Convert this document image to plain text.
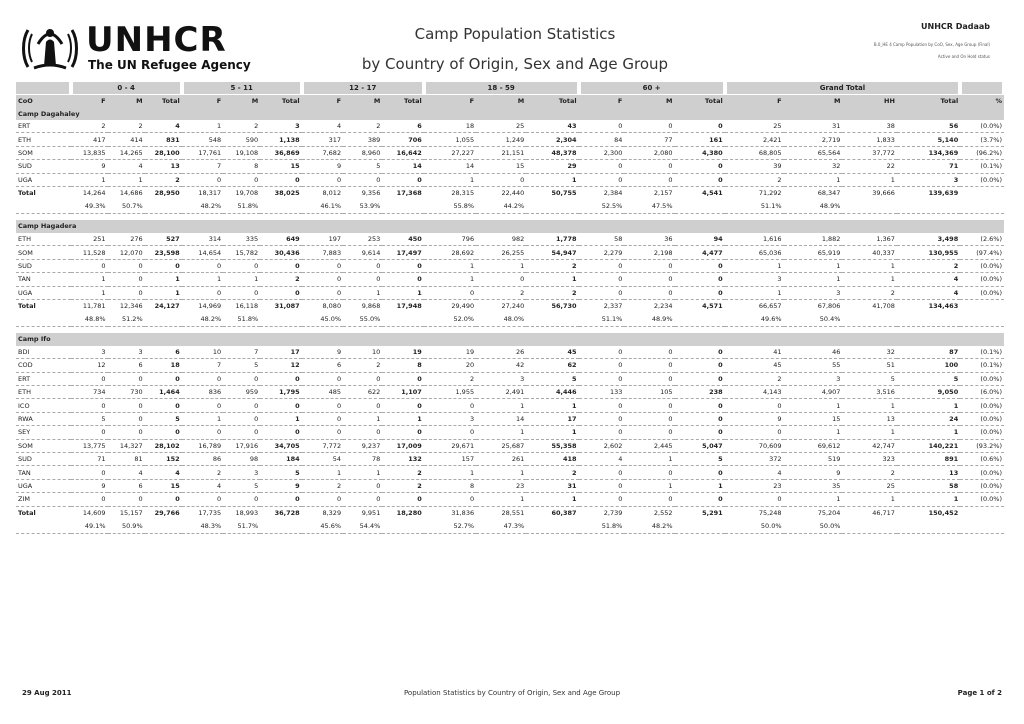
UNHCR
The UN Refugee Agency
Camp Population Statistics
by Country of Origin, Sex and Age Group
UNHCR Dadaab
B.0_HE 4 Camp Population by CoO, Sex, Age Group (Final)
Active and On Hold status
	0 - 4			5 - 11			12 - 17			18 - 59			60 +			Grand Total				
CoO	F	M	Total	F	M	Total	F	M	Total	F	M	Total	F	M	Total	F	M	HH	Total	%
Camp Dagahaley																				
ERT	2	2	4	1	2	3	4	2	6	18	25	43	0	0	0	25	31	38	56	(0.0%)
ETH	417	414	831	548	590	1,138	317	389	706	1,055	1,249	2,304	84	77	161	2,421	2,719	1,833	5,140	(3.7%)
SOM	13,835	14,265	28,100	17,761	19,108	36,869	7,682	8,960	16,642	27,227	21,151	48,378	2,300	2,080	4,380	68,805	65,564	37,772	134,369	(96.2%)
SUD	9	4	13	7	8	15	9	5	14	14	15	29	0	0	0	39	32	22	71	(0.1%)
UGA	1	1	2	0	0	0	0	0	0	1	0	1	0	0	0	2	1	1	3	(0.0%)
Total	14,264	14,686	28,950	18,317	19,708	38,025	8,012	9,356	17,368	28,315	22,440	50,755	2,384	2,157	4,541	71,292	68,347	39,666	139,639	
	49.3%	50.7%		48.2%	51.8%		46.1%	53.9%		55.8%	44.2%		52.5%	47.5%		51.1%	48.9%			

Camp Hagadera																				
ETH	251	276	527	314	335	649	197	253	450	796	982	1,778	58	36	94	1,616	1,882	1,367	3,498	(2.6%)
SOM	11,528	12,070	23,598	14,654	15,782	30,436	7,883	9,614	17,497	28,692	26,255	54,947	2,279	2,198	4,477	65,036	65,919	40,337	130,955	(97.4%)
SUD	0	0	0	0	0	0	0	0	0	1	1	2	0	0	0	1	1	1	2	(0.0%)
TAN	1	0	1	1	1	2	0	0	0	1	0	1	0	0	0	3	1	1	4	(0.0%)
UGA	1	0	1	0	0	0	0	1	1	0	2	2	0	0	0	1	3	2	4	(0.0%)
Total	11,781	12,346	24,127	14,969	16,118	31,087	8,080	9,868	17,948	29,490	27,240	56,730	2,337	2,234	4,571	66,657	67,806	41,708	134,463	
	48.8%	51.2%		48.2%	51.8%		45.0%	55.0%		52.0%	48.0%		51.1%	48.9%		49.6%	50.4%			

Camp Ifo																				
BDI	3	3	6	10	7	17	9	10	19	19	26	45	0	0	0	41	46	32	87	(0.1%)
COD	12	6	18	7	5	12	6	2	8	20	42	62	0	0	0	45	55	51	100	(0.1%)
ERT	0	0	0	0	0	0	0	0	0	2	3	5	0	0	0	2	3	5	5	(0.0%)
ETH	734	730	1,464	836	959	1,795	485	622	1,107	1,955	2,491	4,446	133	105	238	4,143	4,907	3,516	9,050	(6.0%)
ICO	0	0	0	0	0	0	0	0	0	0	1	1	0	0	0	0	1	1	1	(0.0%)
RWA	5	0	5	1	0	1	0	1	1	3	14	17	0	0	0	9	15	13	24	(0.0%)
SEY	0	0	0	0	0	0	0	0	0	0	1	1	0	0	0	0	1	1	1	(0.0%)
SOM	13,775	14,327	28,102	16,789	17,916	34,705	7,772	9,237	17,009	29,671	25,687	55,358	2,602	2,445	5,047	70,609	69,612	42,747	140,221	(93.2%)
SUD	71	81	152	86	98	184	54	78	132	157	261	418	4	1	5	372	519	323	891	(0.6%)
TAN	0	4	4	2	3	5	1	1	2	1	1	2	0	0	0	4	9	2	13	(0.0%)
UGA	9	6	15	4	5	9	2	0	2	8	23	31	0	1	1	23	35	25	58	(0.0%)
ZIM	0	0	0	0	0	0	0	0	0	0	1	1	0	0	0	0	1	1	1	(0.0%)
Total	14,609	15,157	29,766	17,735	18,993	36,728	8,329	9,951	18,280	31,836	28,551	60,387	2,739	2,552	5,291	75,248	75,204	46,717	150,452	
	49.1%	50.9%		48.3%	51.7%		45.6%	54.4%		52.7%	47.3%		51.8%	48.2%		50.0%	50.0%			

29 Aug 2011	Population Statistics by Country of Origin, Sex and Age Group	Page 1 of 2
